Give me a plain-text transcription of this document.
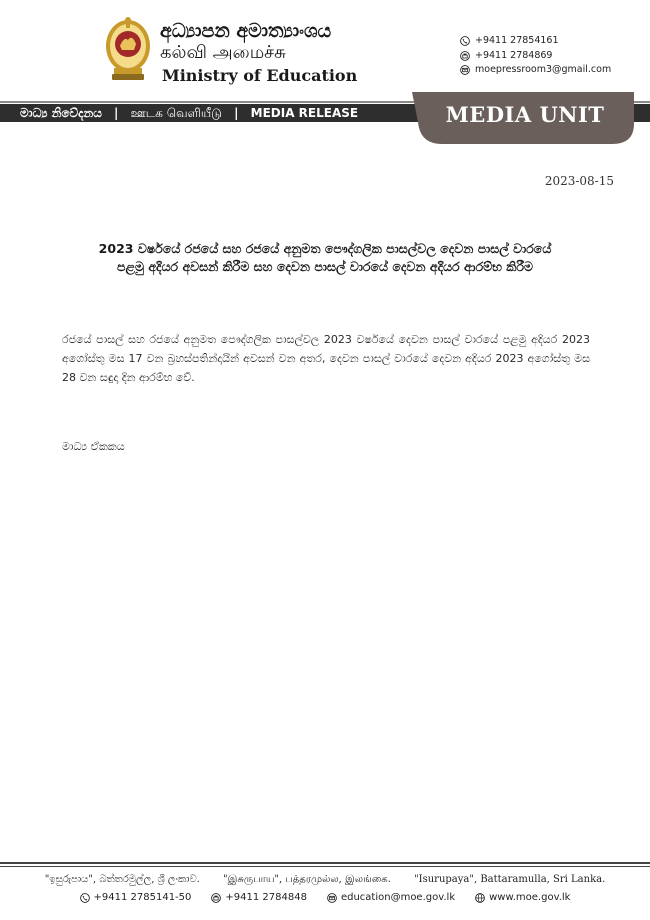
අධ්‍යාපන අමාත්‍යාංශය
கல்வி அமைச்சு
Ministry of Education
+9411 27854161
+9411 2784869
moepressroom3@gmail.com
මාධ්‍ය නිවේදනය | ஊடக வெளியீடு | MEDIA RELEASE	MEDIA UNIT
2023-08-15
2023 වර්ෂයේ රජයේ සහ රජයේ අනුමත පෞද්ගලික පාසල්වල දෙවන පාසල් වාරයේ
පළමු අදියර අවසන් කිරීම සහ දෙවන පාසල් වාරයේ දෙවන අදියර ආරම්භ කිරීම
රජයේ පාසල් සහ රජයේ අනුමත පෞද්ගලික පාසල්වල 2023 වර්ෂයේ දෙවන පාසල් වාරයේ පළමු අදියර 2023 අගෝස්තු මස 17 වන බ්‍රහස්පතින්දායින් අවසන් වන අතර, දෙවන පාසල් වාරයේ දෙවන අදියර 2023 අගෝස්තු මස 28 වන සඳුදා දින ආරම්භ වේ.
මාධ්‍ය ඒකකය
"ඉසුරුපාය", බත්තරමුල්ල, ශ්‍රී ලංකාව. "இசுருபாய", பத்தரமுல்ல, இலங்கை. "Isurupaya", Battaramulla, Sri Lanka.
+9411 2785141-50	+9411 2784848	education@moe.gov.lk	www.moe.gov.lk
